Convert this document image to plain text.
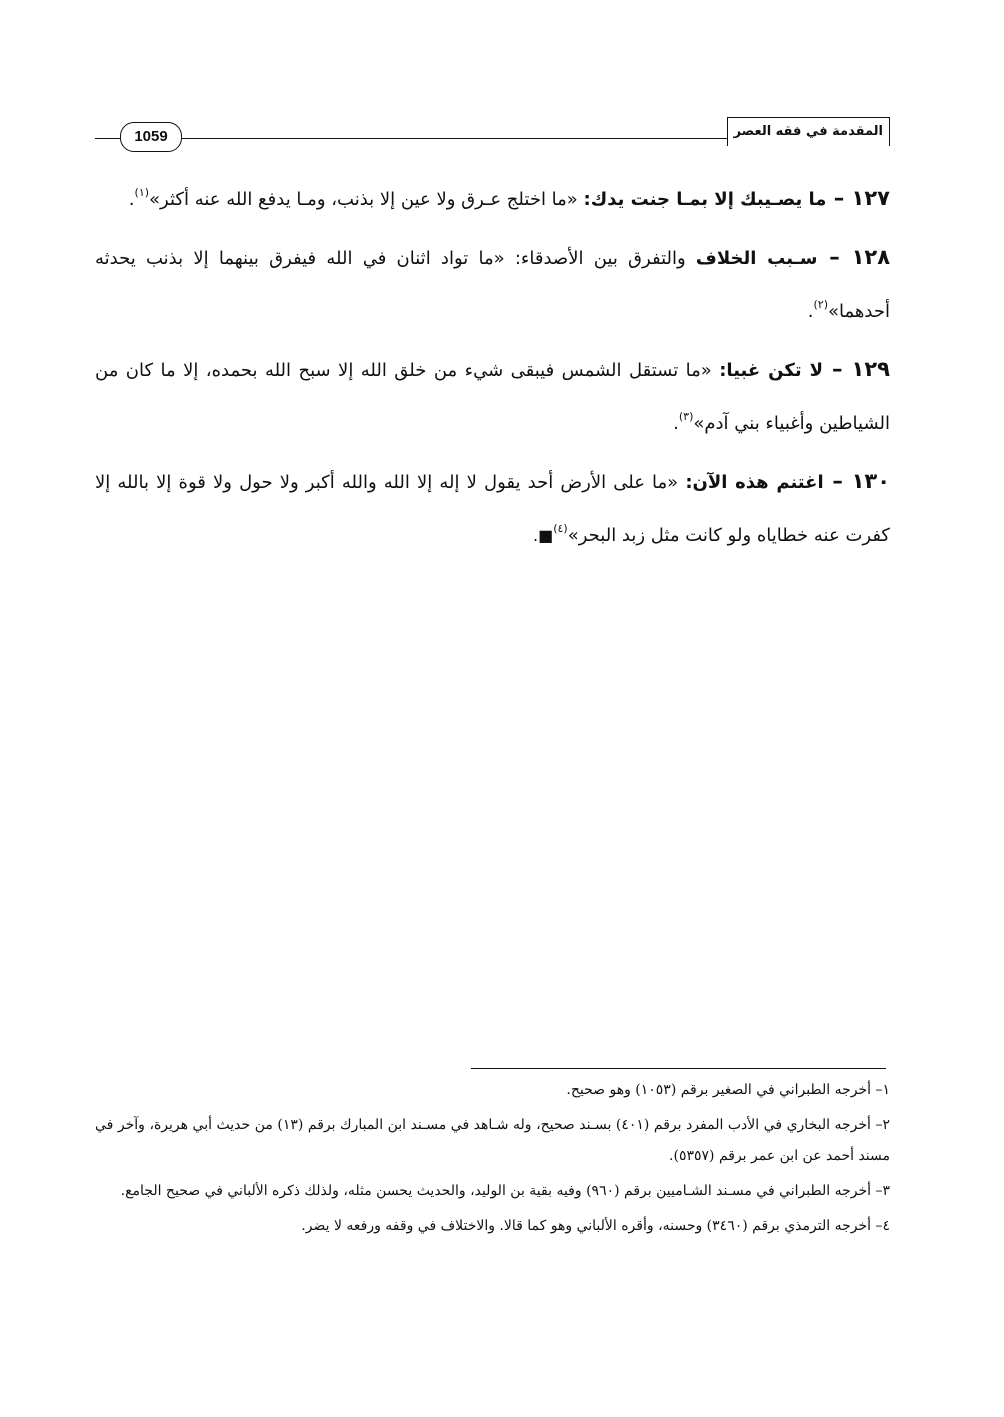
1059	المقدمة في فقه العصر

١٢٧ – ما يصـيبك إلا بمـا جنت يدك: «ما اختلج عـرق ولا عين إلا بذنب، ومـا يدفع الله عنه أكثر»$^{(١)}$.

١٢٨ – سـبب الخلاف والتفرق بين الأصدقاء: «ما تواد اثنان في الله فيفرق بينهما إلا بذنب يحدثه أحدهما»$^{(٢)}$.

١٢٩ – لا تكن غبيا: «ما تستقل الشمس فيبقى شيء من خلق الله إلا سبح الله بحمده، إلا ما كان من الشياطين وأغبياء بني آدم»$^{(٣)}$.

١٣٠ – اغتنم هذه الآن: «ما على الأرض أحد يقول لا إله إلا الله والله أكبر ولا حول ولا قوة إلا بالله إلا كفرت عنه خطاياه ولو كانت مثل زبد البحر»$^{(٤)}$■.

١– أخرجه الطبراني في الصغير برقم (١٠٥٣) وهو صحيح.

٢– أخرجه البخاري في الأدب المفرد برقم (٤٠١) بسـند صحيح، وله شـاهد في مسـند ابن المبارك برقم (١٣) من حديث أبي هريرة، وآخر في مسند أحمد عن ابن عمر برقم (٥٣٥٧).

٣– أخرجه الطبراني في مسـند الشـاميين برقم (٩٦٠) وفيه بقية بن الوليد، والحديث يحسن مثله، ولذلك ذكره الألباني في صحيح الجامع.

٤– أخرجه الترمذي برقم (٣٤٦٠) وحسنه، وأقره الألباني وهو كما قالا. والاختلاف في وقفه ورفعه لا يضر.
